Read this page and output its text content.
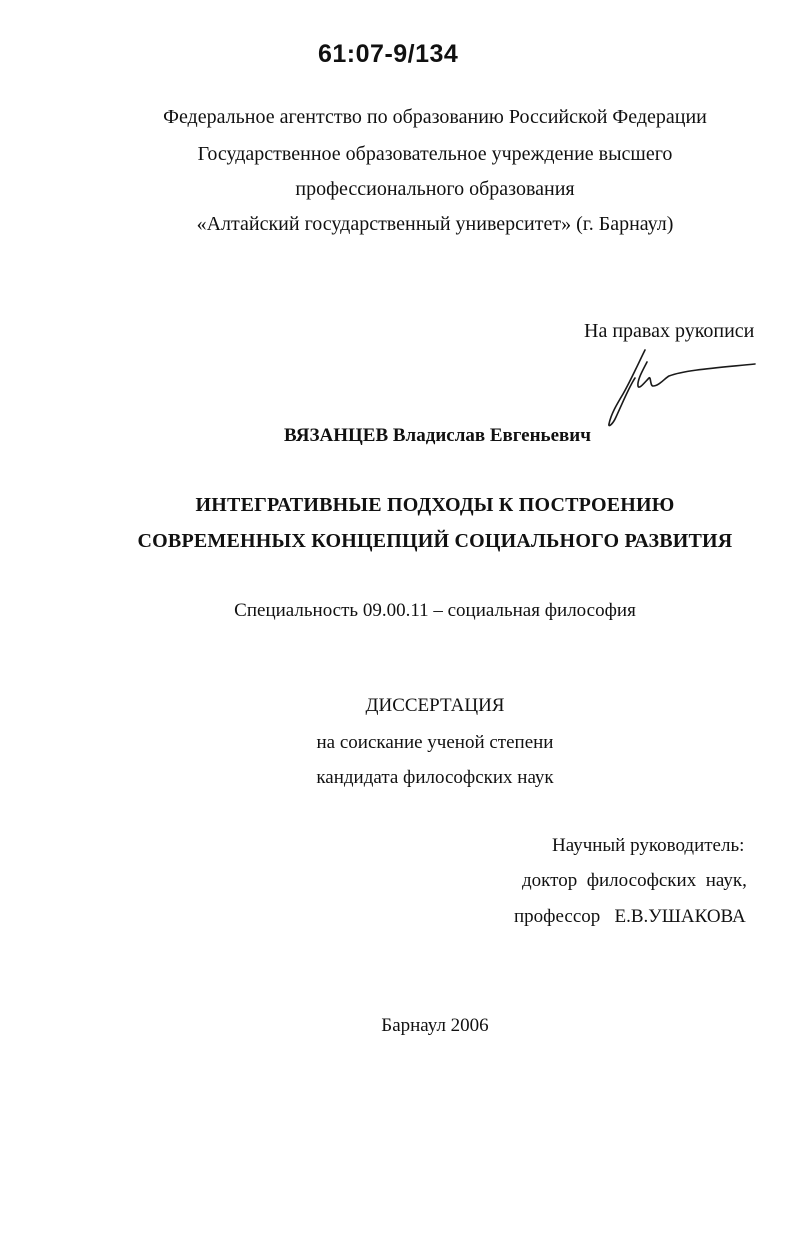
61:07-9/134
Федеральное агентство по образованию Российской Федерации
Государственное образовательное учреждение высшего
профессионального образования
«Алтайский государственный университет» (г. Барнаул)
На правах рукописи
ВЯЗАНЦЕВ Владислав Евгеньевич
ИНТЕГРАТИВНЫЕ ПОДХОДЫ К ПОСТРОЕНИЮ
СОВРЕМЕННЫХ КОНЦЕПЦИЙ СОЦИАЛЬНОГО РАЗВИТИЯ
Специальность 09.00.11 – социальная философия
ДИССЕРТАЦИЯ
на соискание ученой степени
кандидата философских наук
Научный руководитель:
доктор  философских  наук,
профессор Е.В.УШАКОВА
Барнаул 2006
